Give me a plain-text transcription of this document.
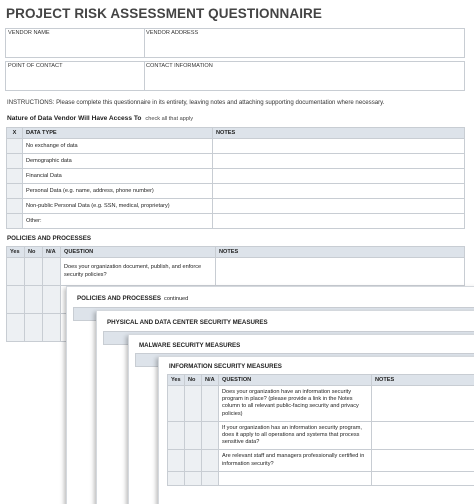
PROJECT RISK ASSESSMENT QUESTIONNAIRE
VENDOR NAME	VENDOR ADDRESS
POINT OF CONTACT	CONTACT INFORMATION
INSTRUCTIONS: Please complete this questionnaire in its entirety, leaving notes and attaching supporting documentation where necessary.
Nature of Data Vendor Will Have Access To check all that apply
X	DATA TYPE	NOTES
	No exchange of data	
	Demographic data	
	Financial Data	
	Personal Data (e.g. name, address, phone number)	
	Non-public Personal Data (e.g. SSN, medical, proprietary)	
	Other:	
POLICIES AND PROCESSES
Yes	No	N/A	QUESTION	NOTES
			Does your organization document, publish, and enforce security policies?	

POLICIES AND PROCESSES continued
PHYSICAL AND DATA CENTER SECURITY MEASURES
MALWARE SECURITY MEASURES
INFORMATION SECURITY MEASURES
Yes	No	N/A	QUESTION	NOTES
			Does your organization have an information security program in place? (please provide a link in the Notes column to all relevant public-facing security and privacy policies)	
			If your organization has an information security program, does it apply to all operations and systems that process sensitive data?	
			Are relevant staff and managers professionally certified in information security?	
